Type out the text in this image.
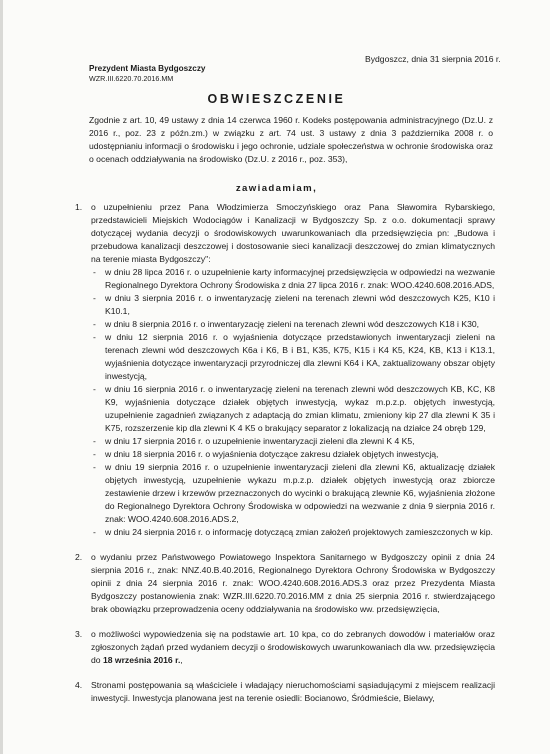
Bydgoszcz, dnia 31 sierpnia 2016 r.
Prezydent Miasta Bydgoszczy
WZR.III.6220.70.2016.MM
OBWIESZCZENIE
Zgodnie z art. 10, 49 ustawy z dnia 14 czerwca 1960 r. Kodeks postępowania administracyjnego (Dz.U. z 2016 r., poz. 23 z późn.zm.) w związku z art. 74 ust. 3 ustawy z dnia 3 października 2008 r. o udostępnianiu informacji o środowisku i jego ochronie, udziale społeczeństwa w ochronie środowiska oraz o ocenach oddziaływania na środowisko (Dz.U. z 2016 r., poz. 353),
zawiadamiam,
1. o uzupełnieniu przez Pana Włodzimierza Smoczyńskiego oraz Pana Sławomira Rybarskiego, przedstawicieli Miejskich Wodociągów i Kanalizacji w Bydgoszczy Sp. z o.o. dokumentacji sprawy dotyczącej wydania decyzji o środowiskowych uwarunkowaniach dla przedsięwzięcia pn: „Budowa i przebudowa kanalizacji deszczowej i dostosowanie sieci kanalizacji deszczowej do zmian klimatycznych na terenie miasta Bydgoszczy":
- w dniu 28 lipca 2016 r. o uzupełnienie karty informacyjnej przedsięwzięcia w odpowiedzi na wezwanie Regionalnego Dyrektora Ochrony Środowiska z dnia 27 lipca 2016 r. znak: WOO.4240.608.2016.ADS,
- w dniu 3 sierpnia 2016 r. o inwentaryzację zieleni na terenach zlewni wód deszczowych K25, K10 i K10.1,
- w dniu 8 sierpnia 2016 r. o inwentaryzację zieleni na terenach zlewni wód deszczowych K18 i K30,
- w dniu 12 sierpnia 2016 r. o wyjaśnienia dotyczące przedstawionych inwentaryzacji zieleni na terenach zlewni wód deszczowych K6a i K6, B i B1, K35, K75, K15 i K4 K5, K24, KB, K13 i K13.1, wyjaśnienia dotyczące inwentaryzacji przyrodniczej dla zlewni K64 i KA, zaktualizowany obszar objęty inwestycją,
- w dniu 16 sierpnia 2016 r. o inwentaryzację zieleni na terenach zlewni wód deszczowych KB, KC, K8 K9, wyjaśnienia dotyczące działek objętych inwestycją, wykaz m.p.z.p. objętych inwestycją, uzupełnienie zagadnień związanych z adaptacją do zmian klimatu, zmieniony kip 27 dla zlewni K 35 i K75, rozszerzenie kip dla zlewni K 4 K5 o brakujący separator z lokalizacją na działce 24 obręb 129,
- w dniu 17 sierpnia 2016 r. o uzupełnienie inwentaryzacji zieleni dla zlewni K 4 K5,
- w dniu 18 sierpnia 2016 r. o wyjaśnienia dotyczące zakresu działek objętych inwestycją,
- w dniu 19 sierpnia 2016 r. o uzupełnienie inwentaryzacji zieleni dla zlewni K6, aktualizację działek objętych inwestycją, uzupełnienie wykazu m.p.z.p. działek objętych inwestycją oraz zbiorcze zestawienie drzew i krzewów przeznaczonych do wycinki o brakującą zlewnie K6, wyjaśnienia złożone do Regionalnego Dyrektora Ochrony Środowiska w odpowiedzi na wezwanie z dnia 9 sierpnia 2016 r. znak: WOO.4240.608.2016.ADS.2,
- w dniu 24 sierpnia 2016 r. o informację dotyczącą zmian założeń projektowych zamieszczonych w kip.
2. o wydaniu przez Państwowego Powiatowego Inspektora Sanitarnego w Bydgoszczy opinii z dnia 24 sierpnia 2016 r., znak: NNZ.40.B.40.2016, Regionalnego Dyrektora Ochrony Środowiska w Bydgoszczy opinii z dnia 24 sierpnia 2016 r. znak: WOO.4240.608.2016.ADS.3 oraz przez Prezydenta Miasta Bydgoszczy postanowienia znak: WZR.III.6220.70.2016.MM z dnia 25 sierpnia 2016 r. stwierdzającego brak obowiązku przeprowadzenia oceny oddziaływania na środowisko ww. przedsięwzięcia,
3. o możliwości wypowiedzenia się na podstawie art. 10 kpa, co do zebranych dowodów i materiałów oraz zgłoszonych żądań przed wydaniem decyzji o środowiskowych uwarunkowaniach dla ww. przedsięwzięcia do 18 września 2016 r.,
4. Stronami postępowania są właściciele i władający nieruchomościami sąsiadującymi z miejscem realizacji inwestycji. Inwestycja planowana jest na terenie osiedli: Bocianowo, Śródmieście, Bielawy,
